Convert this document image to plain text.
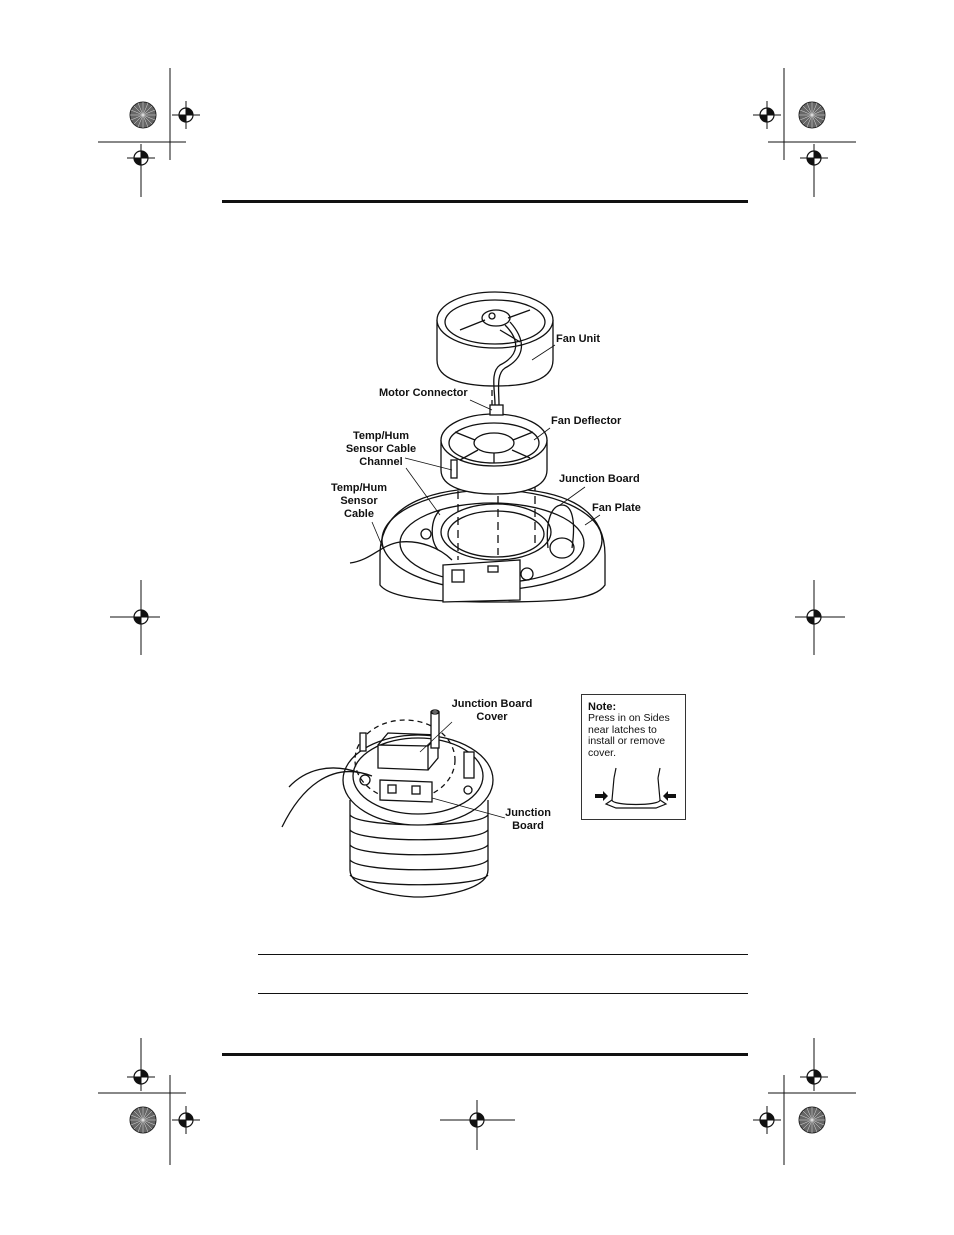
Fan Unit
Motor Connector
Fan Deflector
Temp/Hum
Sensor Cable
Channel
Junction Board
Temp/Hum
Sensor
Cable	Fan Plate
Junction Board
Cover
Junction
Board
Note:
Press in on Sides
near latches to
install or remove
cover.
